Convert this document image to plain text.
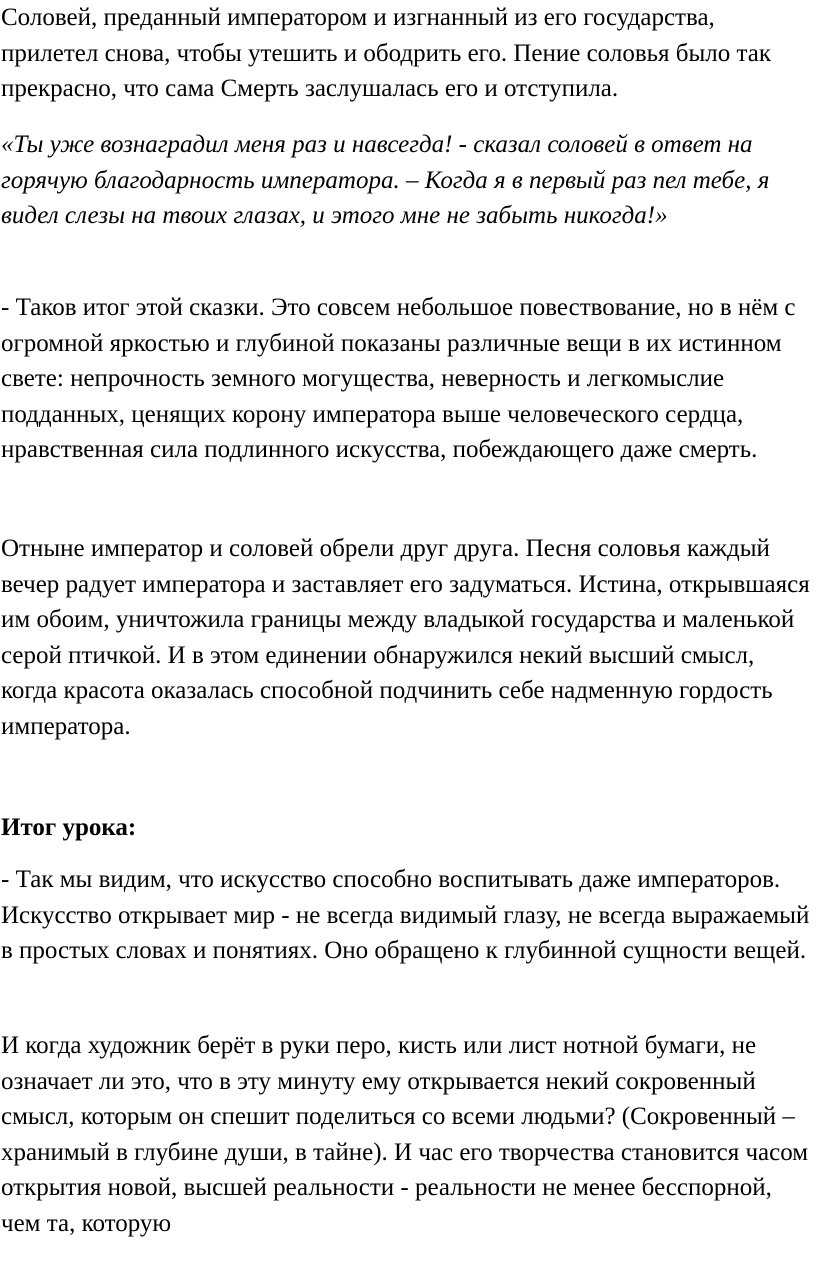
Соловей, преданный императором и изгнанный из его государства, прилетел снова, чтобы утешить и ободрить его. Пение соловья было так прекрасно, что сама Смерть заслушалась его и отступила.

«Ты уже вознаградил меня раз и навсегда! - сказал соловей в ответ на горячую благодарность императора. – Когда я в первый раз пел тебе, я видел слезы на твоих глазах, и этого мне не забыть никогда!»

- Таков итог этой сказки. Это совсем небольшое повествование, но в нём с огромной яркостью и глубиной показаны различные вещи в их истинном свете: непрочность земного могущества, неверность и легкомыслие подданных, ценящих корону императора выше человеческого сердца, нравственная сила подлинного искусства, побеждающего даже смерть.

Отныне император и соловей обрели друг друга. Песня соловья каждый вечер радует императора и заставляет его задуматься. Истина, открывшаяся им обоим, уничтожила границы между владыкой государства и маленькой серой птичкой. И в этом единении обнаружился некий высший смысл, когда красота оказалась способной подчинить себе надменную гордость императора.

Итог урока:

- Так мы видим, что искусство способно воспитывать даже императоров. Искусство открывает мир - не всегда видимый глазу, не всегда выражаемый в простых словах и понятиях. Оно обращено к глубинной сущности вещей.

И когда художник берёт в руки перо, кисть или лист нотной бумаги, не означает ли это, что в эту минуту ему открывается некий сокровенный смысл, которым он спешит поделиться со всеми людьми? (Сокровенный – хранимый в глубине души, в тайне). И час его творчества становится часом открытия новой, высшей реальности - реальности не менее бесспорной, чем та, которую
